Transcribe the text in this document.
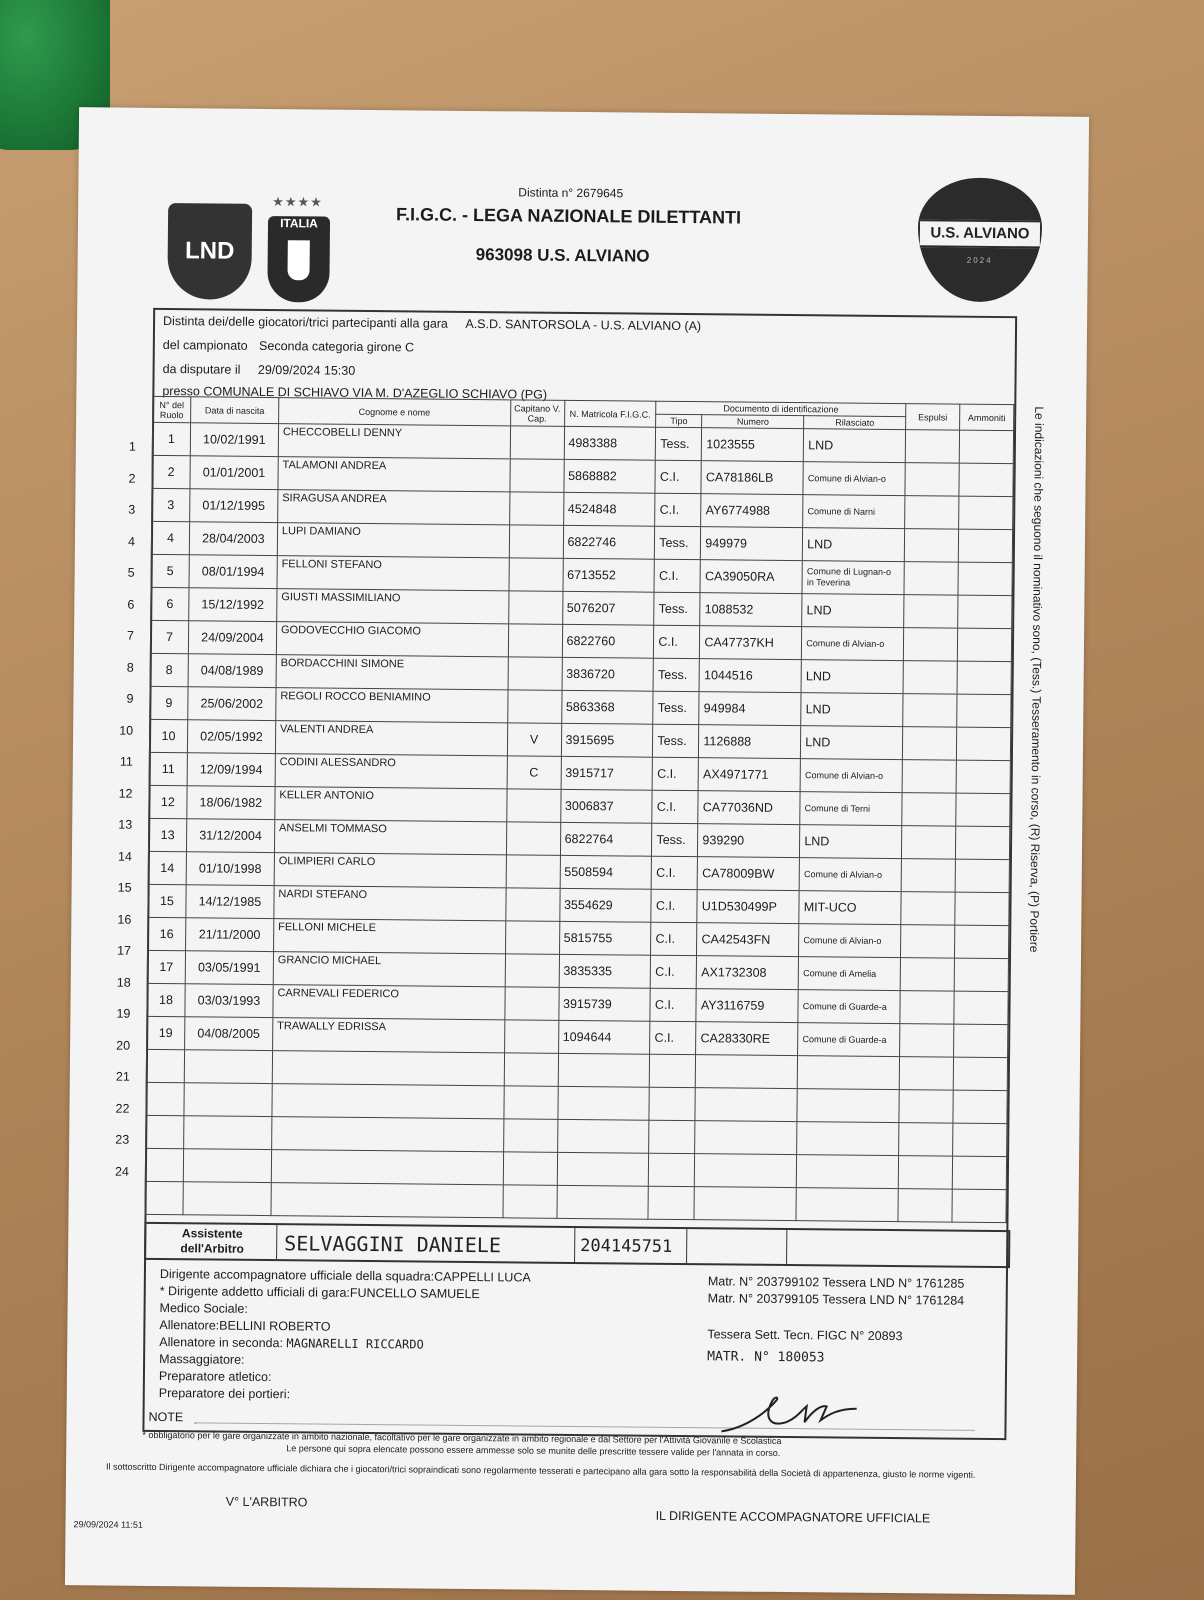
LND
★★★★
ITALIA
Distinta n° 2679645
F.I.G.C. - LEGA NAZIONALE DILETTANTI
963098 U.S. ALVIANO
U.S. ALVIANO
2024
Distinta dei/delle giocatori/trici partecipanti alla gara A.S.D. SANTORSOLA - U.S. ALVIANO (A)
del campionato Seconda categoria girone C
da disputare il 29/09/2024 15:30
presso COMUNALE DI SCHIAVO VIA M. D'AZEGLIO SCHIAVO (PG)
N° del Ruolo	Data di nascita	Cognome e nome	Capitano V. Cap.	N. Matricola F.I.G.C.	Documento di identificazione			Espulsi	Ammoniti
					Tipo	Numero	Rilasciato		
1	10/02/1991	CHECCOBELLI DENNY		4983388	Tess.	1023555	LND		
2	01/01/2001	TALAMONI ANDREA		5868882	C.I.	CA78186LB	Comune di Alvian-o		
3	01/12/1995	SIRAGUSA ANDREA		4524848	C.I.	AY6774988	Comune di Narni		
4	28/04/2003	LUPI DAMIANO		6822746	Tess.	949979	LND		
5	08/01/1994	FELLONI STEFANO		6713552	C.I.	CA39050RA	Comune di Lugnan-o in Teverina		
6	15/12/1992	GIUSTI MASSIMILIANO		5076207	Tess.	1088532	LND		
7	24/09/2004	GODOVECCHIO GIACOMO		6822760	C.I.	CA47737KH	Comune di Alvian-o		
8	04/08/1989	BORDACCHINI SIMONE		3836720	Tess.	1044516	LND		
9	25/06/2002	REGOLI ROCCO BENIAMINO		5863368	Tess.	949984	LND		
10	02/05/1992	VALENTI ANDREA	V	3915695	Tess.	1126888	LND		
11	12/09/1994	CODINI ALESSANDRO	C	3915717	C.I.	AX4971771	Comune di Alvian-o		
12	18/06/1982	KELLER ANTONIO		3006837	C.I.	CA77036ND	Comune di Terni		
13	31/12/2004	ANSELMI TOMMASO		6822764	Tess.	939290	LND		
14	01/10/1998	OLIMPIERI CARLO		5508594	C.I.	CA78009BW	Comune di Alvian-o		
15	14/12/1985	NARDI STEFANO		3554629	C.I.	U1D530499P	MIT-UCO		
16	21/11/2000	FELLONI MICHELE		5815755	C.I.	CA42543FN	Comune di Alvian-o		
17	03/05/1991	GRANCIO MICHAEL		3835335	C.I.	AX1732308	Comune di Amelia		
18	03/03/1993	CARNEVALI FEDERICO		3915739	C.I.	AY3116759	Comune di Guarde-a		
19	04/08/2005	TRAWALLY EDRISSA		1094644	C.I.	CA28330RE	Comune di Guarde-a		

1
2
3
4
5
6
7
8
9
10
11
12
13
14
15
16
17
18
19
20
21
22
23
24
Assistente dell'Arbitro	SELVAGGINI DANIELE	204145751
Dirigente accompagnatore ufficiale della squadra:CAPPELLI LUCA
* Dirigente addetto ufficiali di gara:FUNCELLO SAMUELE
Medico Sociale:
Allenatore:BELLINI ROBERTO
Allenatore in seconda: MAGNARELLI RICCARDO
Massaggiatore:
Preparatore atletico:
Preparatore dei portieri:
Matr. N° 203799102 Tessera LND N° 1761285
Matr. N° 203799105 Tessera LND N° 1761284
Tessera Sett. Tecn. FIGC N° 20893
MATR. N° 180053
NOTE
* obbligatorio per le gare organizzate in ambito nazionale, facoltativo per le gare organizzate in ambito regionale e dal Settore per l'Attività Giovanile e Scolastica
Le persone qui sopra elencate possono essere ammesse solo se munite delle prescritte tessere valide per l'annata in corso.
Il sottoscritto Dirigente accompagnatore ufficiale dichiara che i giocatori/trici sopraindicati sono regolarmente tesserati e partecipano alla gara sotto la responsabilità della Società di appartenenza, giusto le norme vigenti.
V° L'ARBITRO
IL DIRIGENTE ACCOMPAGNATORE UFFICIALE
29/09/2024 11:51
Le indicazioni che seguono il nominativo sono, (Tess.) Tesseramento in corso, (R) Riserva, (P) Portiere
